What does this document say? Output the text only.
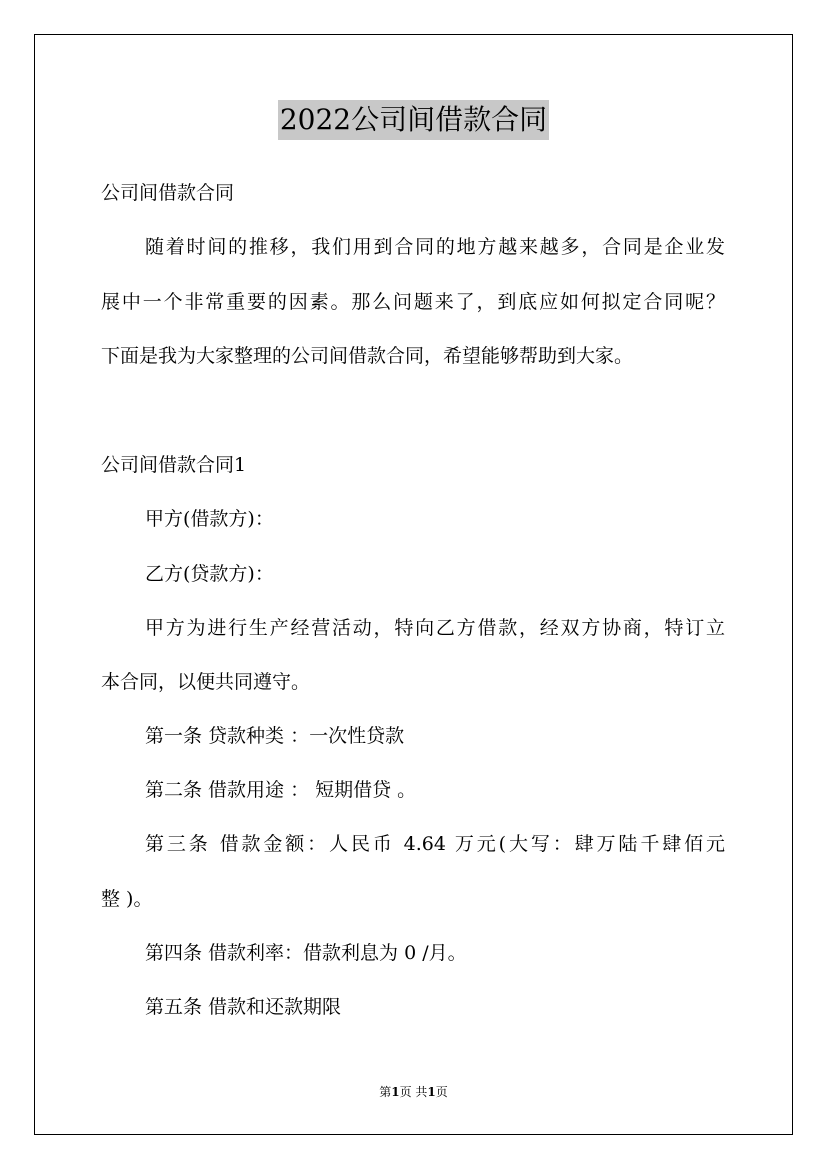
2022公司间借款合同
公司间借款合同
随着时间的推移，我们用到合同的地方越来越多，合同是企业发
展中一个非常重要的因素。那么问题来了，到底应如何拟定合同呢？
下面是我为大家整理的公司间借款合同，希望能够帮助到大家。
公司间借款合同1
甲方(借款方)：
乙方(贷款方)：
甲方为进行生产经营活动，特向乙方借款，经双方协商，特订立
本合同，以便共同遵守。
第一条 贷款种类 ：一次性贷款
第二条 借款用途 ： 短期借贷 。
第三条 借款金额：人民币 4.64 万元(大写：肆万陆千肆佰元
整 )。
第四条 借款利率：借款利息为 0 /月。
第五条 借款和还款期限
第1页 共1页
